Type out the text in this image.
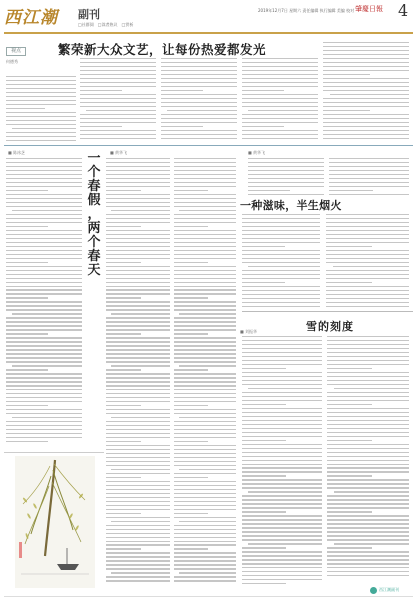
西江潮 副刊
□社群阅 □读者热议 □赏析
2019年12月7日 星期六 责任编辑 执行编辑 美编 校对 肇慶日報 4
视点
何德秀
繁荣新大众文艺，让每份热爱都发光
■ 陈冰芝	一
个
春
假
，
两
个
春
天
■ 黄华飞	■ 黄华飞
一种滋味，半生烟火
雪的刻度
■ 刘振华
西江潮副刊
